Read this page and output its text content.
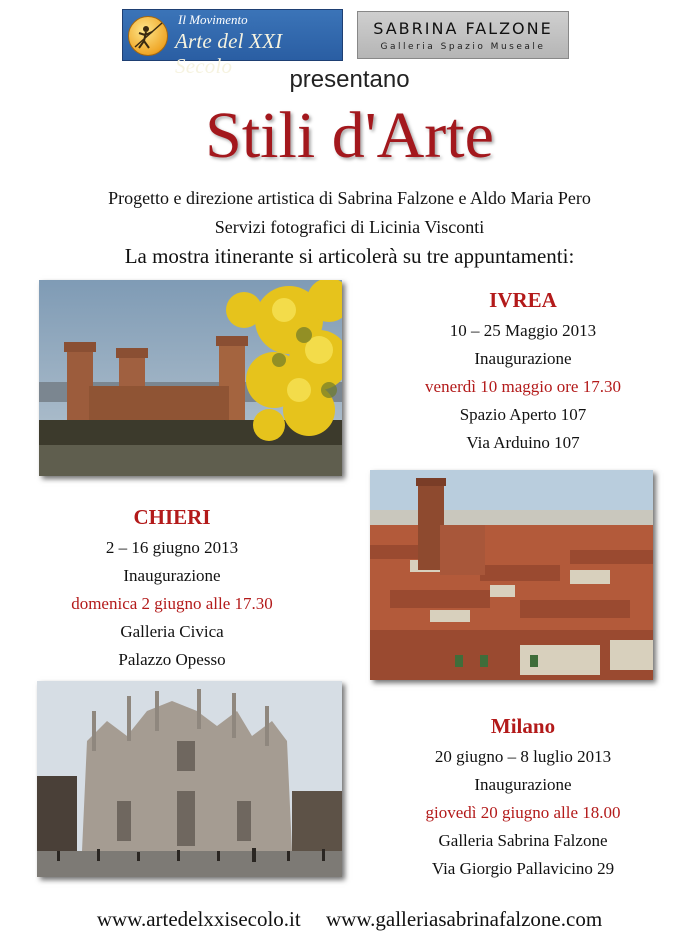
Il Movimento
Arte del XXI Secolo
SABRINA FALZONE
Galleria Spazio Museale
presentano
Stili d'Arte
Progetto e direzione artistica di Sabrina Falzone e Aldo Maria Pero
Servizi fotografici di Licinia Visconti
La mostra itinerante si articolerà su tre appuntamenti:
IVREA
10 – 25 Maggio 2013
Inaugurazione
venerdì 10 maggio ore 17.30
Spazio Aperto 107
Via Arduino 107
CHIERI
2 – 16 giugno 2013
Inaugurazione
domenica 2 giugno alle 17.30
Galleria Civica
Palazzo Opesso
Milano
20 giugno – 8 luglio 2013
Inaugurazione
giovedì 20 giugno alle 18.00
Galleria Sabrina Falzone
Via Giorgio Pallavicino 29
www.artedelxxisecolo.it www.galleriasabrinafalzone.com
